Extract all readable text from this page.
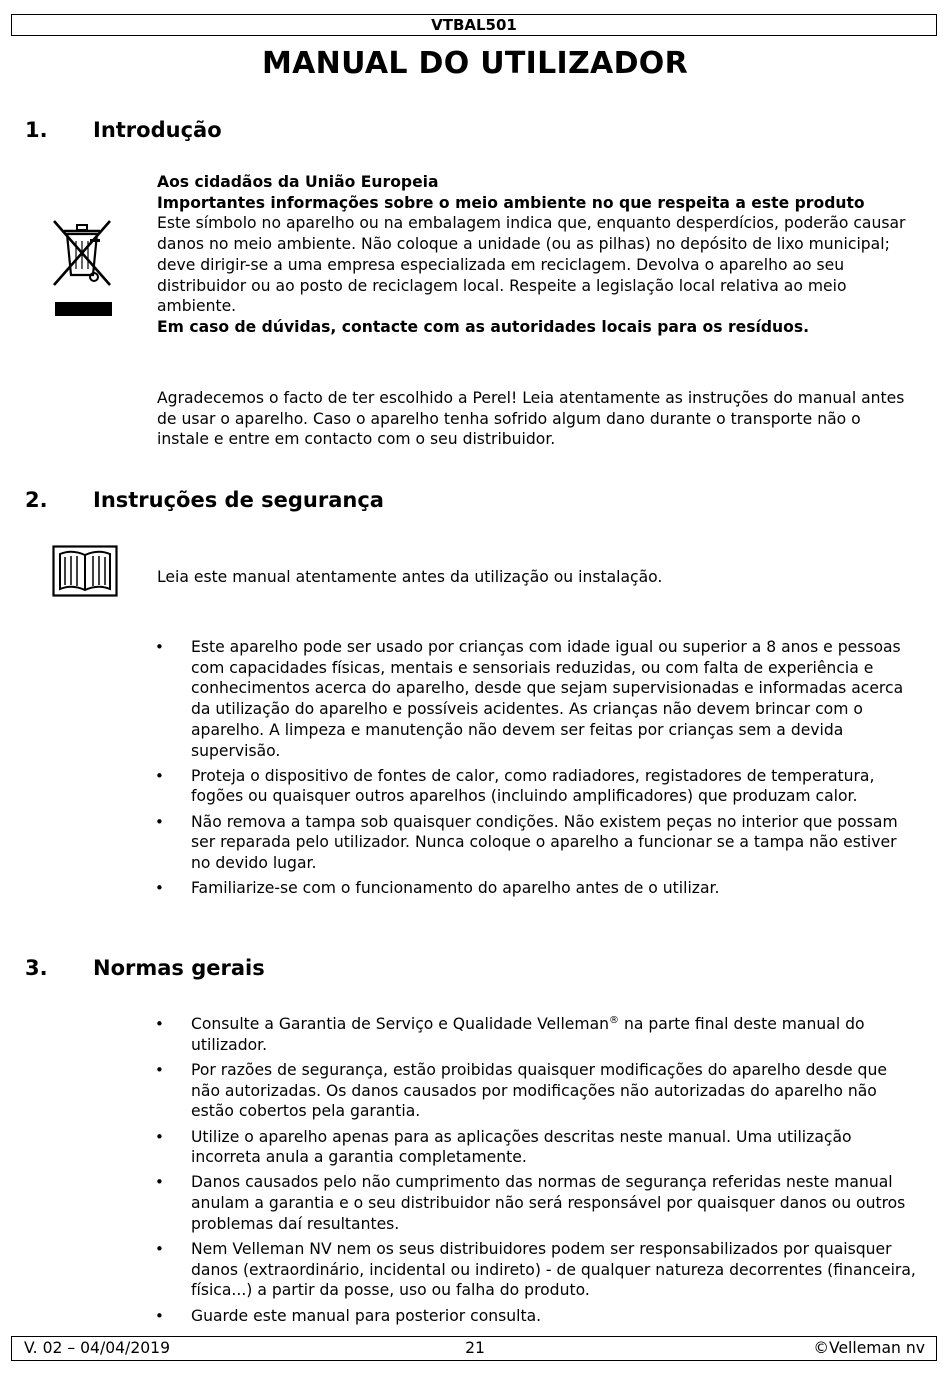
VTBAL501
MANUAL DO UTILIZADOR
1. Introdução
Aos cidadãos da União Europeia
Importantes informações sobre o meio ambiente no que respeita a este produto
Este símbolo no aparelho ou na embalagem indica que, enquanto desperdícios, poderão causar danos no meio ambiente. Não coloque a unidade (ou as pilhas) no depósito de lixo municipal; deve dirigir-se a uma empresa especializada em reciclagem. Devolva o aparelho ao seu distribuidor ou ao posto de reciclagem local. Respeite a legislação local relativa ao meio ambiente.
Em caso de dúvidas, contacte com as autoridades locais para os resíduos.
Agradecemos o facto de ter escolhido a Perel! Leia atentamente as instruções do manual antes de usar o aparelho. Caso o aparelho tenha sofrido algum dano durante o transporte não o instale e entre em contacto com o seu distribuidor.
2. Instruções de segurança
Leia este manual atentamente antes da utilização ou instalação.
• Este aparelho pode ser usado por crianças com idade igual ou superior a 8 anos e pessoas com capacidades físicas, mentais e sensoriais reduzidas, ou com falta de experiência e conhecimentos acerca do aparelho, desde que sejam supervisionadas e informadas acerca da utilização do aparelho e possíveis acidentes. As crianças não devem brincar com o aparelho. A limpeza e manutenção não devem ser feitas por crianças sem a devida supervisão.
• Proteja o dispositivo de fontes de calor, como radiadores, registadores de temperatura, fogões ou quaisquer outros aparelhos (incluindo amplificadores) que produzam calor.
• Não remova a tampa sob quaisquer condições. Não existem peças no interior que possam ser reparada pelo utilizador. Nunca coloque o aparelho a funcionar se a tampa não estiver no devido lugar.
• Familiarize-se com o funcionamento do aparelho antes de o utilizar.
3. Normas gerais
• Consulte a Garantia de Serviço e Qualidade Velleman® na parte final deste manual do utilizador.
• Por razões de segurança, estão proibidas quaisquer modificações do aparelho desde que não autorizadas. Os danos causados por modificações não autorizadas do aparelho não estão cobertos pela garantia.
• Utilize o aparelho apenas para as aplicações descritas neste manual. Uma utilização incorreta anula a garantia completamente.
• Danos causados pelo não cumprimento das normas de segurança referidas neste manual anulam a garantia e o seu distribuidor não será responsável por quaisquer danos ou outros problemas daí resultantes.
• Nem Velleman NV nem os seus distribuidores podem ser responsabilizados por quaisquer danos (extraordinário, incidental ou indireto) - de qualquer natureza decorrentes (financeira, física...) a partir da posse, uso ou falha do produto.
• Guarde este manual para posterior consulta.
V. 02 – 04/04/2019	21	©Velleman nv
